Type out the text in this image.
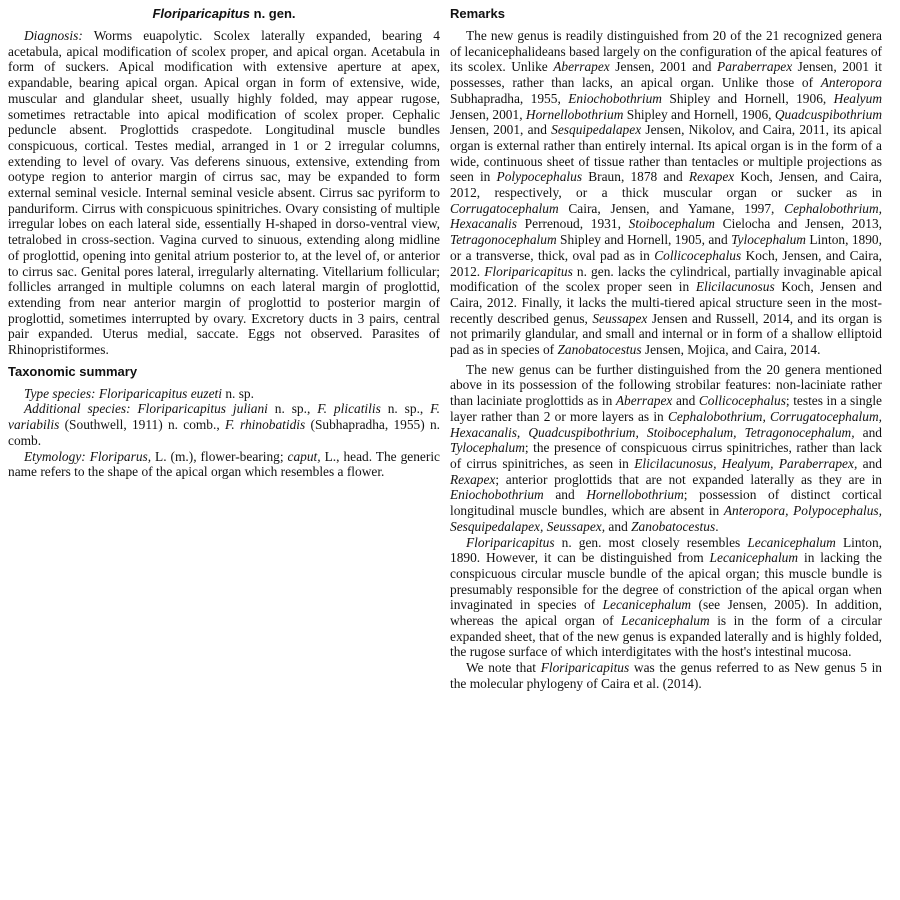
Floriparicapitus n. gen.

Diagnosis: Worms euapolytic. Scolex laterally expanded, bearing 4 acetabula, apical modification of scolex proper, and apical organ. Acetabula in form of suckers. Apical modification with extensive aperture at apex, expandable, bearing apical organ. Apical organ in form of extensive, wide, muscular and glandular sheet, usually highly folded, may appear rugose, sometimes retractable into apical modification of scolex proper. Cephalic peduncle absent. Proglottids craspedote. Longitudinal muscle bundles conspicuous, cortical. Testes medial, arranged in 1 or 2 irregular columns, extending to level of ovary. Vas deferens sinuous, extensive, extending from ootype region to anterior margin of cirrus sac, may be expanded to form external seminal vesicle. Internal seminal vesicle absent. Cirrus sac pyriform to panduriform. Cirrus with conspicuous spinitriches. Ovary consisting of multiple irregular lobes on each lateral side, essentially H-shaped in dorso-ventral view, tetralobed in cross-section. Vagina curved to sinuous, extending along midline of proglottid, opening into genital atrium posterior to, at the level of, or anterior to cirrus sac. Genital pores lateral, irregularly alternating. Vitellarium follicular; follicles arranged in multiple columns on each lateral margin of proglottid, extending from near anterior margin of proglottid to posterior margin of proglottid, sometimes interrupted by ovary. Excretory ducts in 3 pairs, central pair expanded. Uterus medial, saccate. Eggs not observed. Parasites of Rhinopristiformes.

Taxonomic summary

Type species: Floriparicapitus euzeti n. sp.

Additional species: Floriparicapitus juliani n. sp., F. plicatilis n. sp., F. variabilis (Southwell, 1911) n. comb., F. rhinobatidis (Subhapradha, 1955) n. comb.

Etymology: Floriparus, L. (m.), flower-bearing; caput, L., head. The generic name refers to the shape of the apical organ which resembles a flower.

Remarks

The new genus is readily distinguished from 20 of the 21 recognized genera of lecanicephalideans based largely on the configuration of the apical features of its scolex. Unlike Aberrapex Jensen, 2001 and Paraberrapex Jensen, 2001 it possesses, rather than lacks, an apical organ. Unlike those of Anteropora Subhapradha, 1955, Eniochobothrium Shipley and Hornell, 1906, Healyum Jensen, 2001, Hornellobothrium Shipley and Hornell, 1906, Quadcuspibothrium Jensen, 2001, and Sesquipedalapex Jensen, Nikolov, and Caira, 2011, its apical organ is external rather than entirely internal. Its apical organ is in the form of a wide, continuous sheet of tissue rather than tentacles or multiple projections as seen in Polypocephalus Braun, 1878 and Rexapex Koch, Jensen, and Caira, 2012, respectively, or a thick muscular organ or sucker as in Corrugatocephalum Caira, Jensen, and Yamane, 1997, Cephalobothrium, Hexacanalis Perrenoud, 1931, Stoibocephalum Cielocha and Jensen, 2013, Tetragonocephalum Shipley and Hornell, 1905, and Tylocephalum Linton, 1890, or a transverse, thick, oval pad as in Collicocephalus Koch, Jensen, and Caira, 2012. Floriparicapitus n. gen. lacks the cylindrical, partially invaginable apical modification of the scolex proper seen in Elicilacunosus Koch, Jensen and Caira, 2012. Finally, it lacks the multi-tiered apical structure seen in the most-recently described genus, Seussapex Jensen and Russell, 2014, and its organ is not primarily glandular, and small and internal or in form of a shallow elliptoid pad as in species of Zanobatocestus Jensen, Mojica, and Caira, 2014.

The new genus can be further distinguished from the 20 genera mentioned above in its possession of the following strobilar features: non-laciniate rather than laciniate proglottids as in Aberrapex and Collicocephalus; testes in a single layer rather than 2 or more layers as in Cephalobothrium, Corrugatocephalum, Hexacanalis, Quadcuspibothrium, Stoibocephalum, Tetragonocephalum, and Tylocephalum; the presence of conspicuous cirrus spinitriches, rather than lack of cirrus spinitriches, as seen in Elicilacunosus, Healyum, Paraberrapex, and Rexapex; anterior proglottids that are not expanded laterally as they are in Eniochobothrium and Hornellobothrium; possession of distinct cortical longitudinal muscle bundles, which are absent in Anteropora, Polypocephalus, Sesquipedalapex, Seussapex, and Zanobatocestus.

Floriparicapitus n. gen. most closely resembles Lecanicephalum Linton, 1890. However, it can be distinguished from Lecanicephalum in lacking the conspicuous circular muscle bundle of the apical organ; this muscle bundle is presumably responsible for the degree of constriction of the apical organ when invaginated in species of Lecanicephalum (see Jensen, 2005). In addition, whereas the apical organ of Lecanicephalum is in the form of a circular expanded sheet, that of the new genus is expanded laterally and is highly folded, the rugose surface of which interdigitates with the host's intestinal mucosa.

We note that Floriparicapitus was the genus referred to as New genus 5 in the molecular phylogeny of Caira et al. (2014).
